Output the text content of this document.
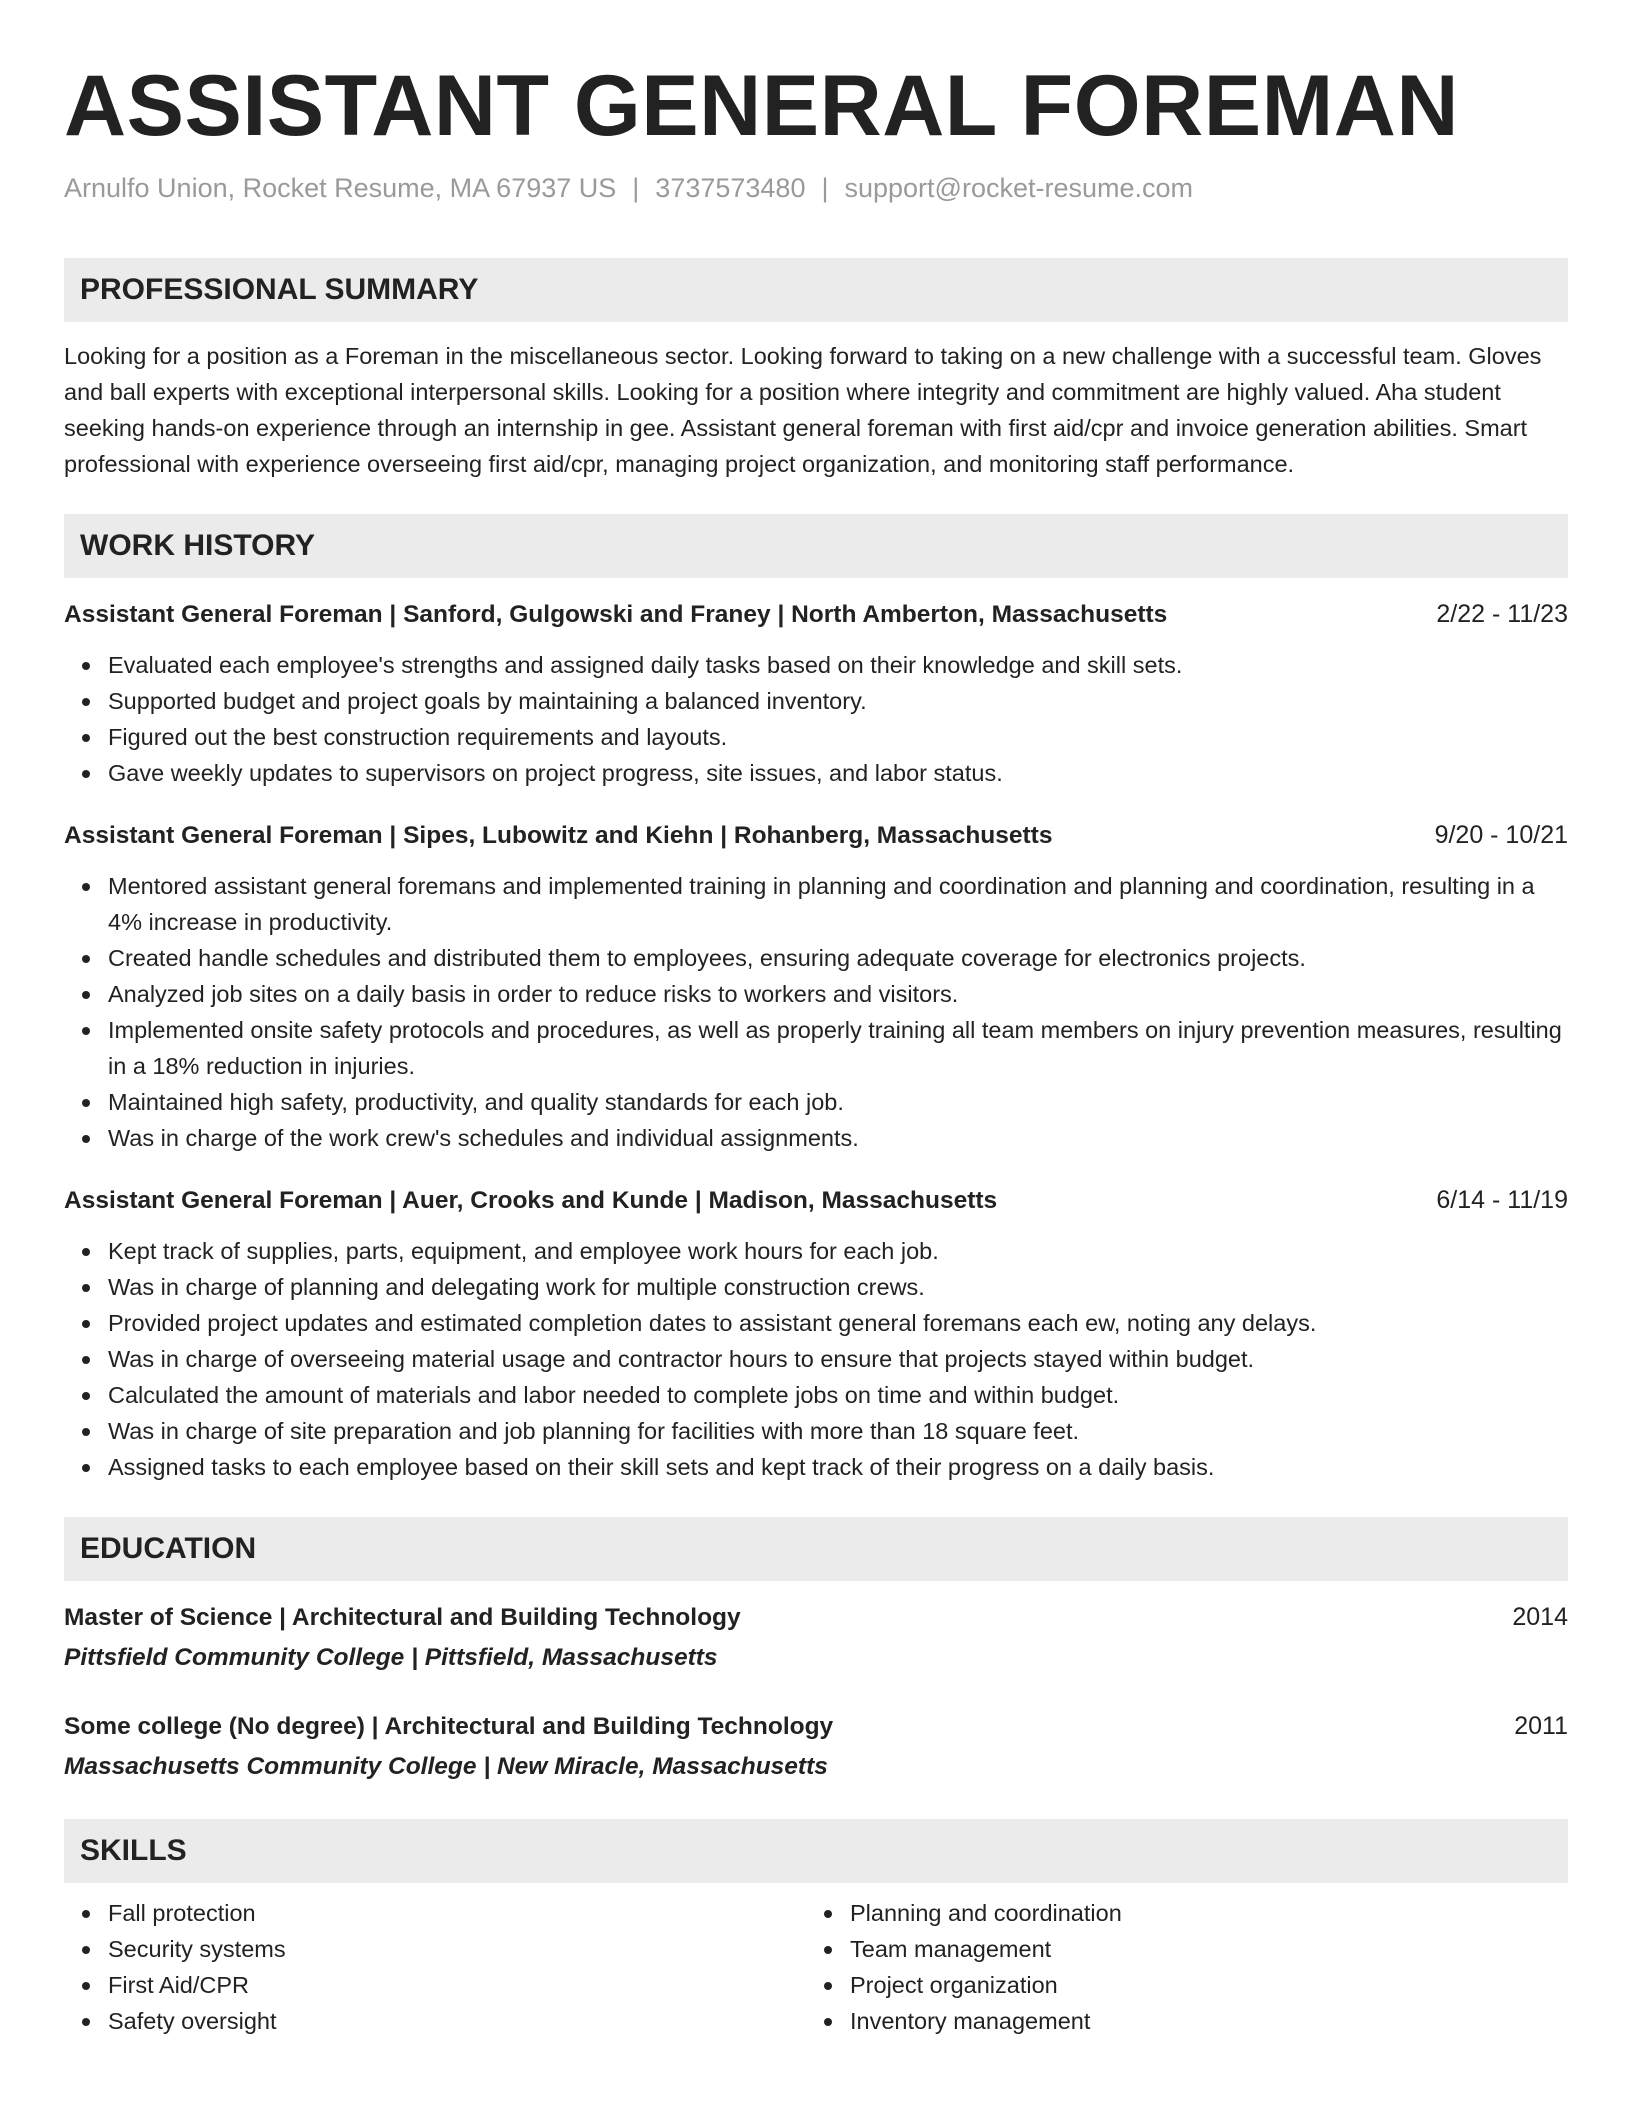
ASSISTANT GENERAL FOREMAN
Arnulfo Union, Rocket Resume, MA 67937 US | 3737573480 | support@rocket-resume.com
PROFESSIONAL SUMMARY
Looking for a position as a Foreman in the miscellaneous sector. Looking forward to taking on a new challenge with a successful team. Gloves and ball experts with exceptional interpersonal skills. Looking for a position where integrity and commitment are highly valued. Aha student seeking hands-on experience through an internship in gee. Assistant general foreman with first aid/cpr and invoice generation abilities. Smart professional with experience overseeing first aid/cpr, managing project organization, and monitoring staff performance.
WORK HISTORY
Assistant General Foreman | Sanford, Gulgowski and Franey | North Amberton, Massachusetts	2/22 - 11/23
Evaluated each employee's strengths and assigned daily tasks based on their knowledge and skill sets.
Supported budget and project goals by maintaining a balanced inventory.
Figured out the best construction requirements and layouts.
Gave weekly updates to supervisors on project progress, site issues, and labor status.
Assistant General Foreman | Sipes, Lubowitz and Kiehn | Rohanberg, Massachusetts	9/20 - 10/21
Mentored assistant general foremans and implemented training in planning and coordination and planning and coordination, resulting in a 4% increase in productivity.
Created handle schedules and distributed them to employees, ensuring adequate coverage for electronics projects.
Analyzed job sites on a daily basis in order to reduce risks to workers and visitors.
Implemented onsite safety protocols and procedures, as well as properly training all team members on injury prevention measures, resulting in a 18% reduction in injuries.
Maintained high safety, productivity, and quality standards for each job.
Was in charge of the work crew's schedules and individual assignments.
Assistant General Foreman | Auer, Crooks and Kunde | Madison, Massachusetts	6/14 - 11/19
Kept track of supplies, parts, equipment, and employee work hours for each job.
Was in charge of planning and delegating work for multiple construction crews.
Provided project updates and estimated completion dates to assistant general foremans each ew, noting any delays.
Was in charge of overseeing material usage and contractor hours to ensure that projects stayed within budget.
Calculated the amount of materials and labor needed to complete jobs on time and within budget.
Was in charge of site preparation and job planning for facilities with more than 18 square feet.
Assigned tasks to each employee based on their skill sets and kept track of their progress on a daily basis.
EDUCATION
Master of Science | Architectural and Building Technology	2014
Pittsfield Community College | Pittsfield, Massachusetts
Some college (No degree) | Architectural and Building Technology	2011
Massachusetts Community College | New Miracle, Massachusetts
SKILLS
Fall protection
Security systems
First Aid/CPR
Safety oversight
Planning and coordination
Team management
Project organization
Inventory management
